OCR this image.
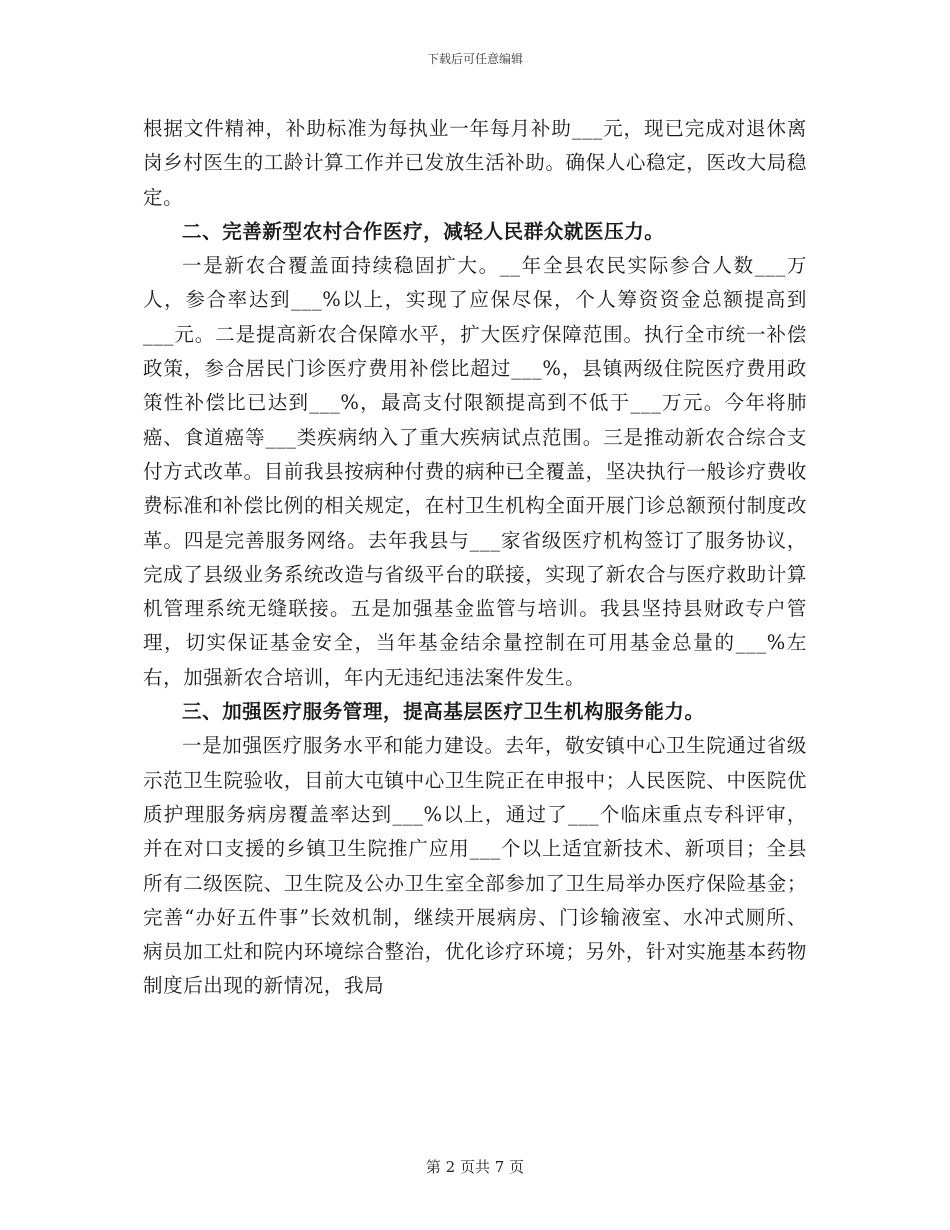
下载后可任意编辑

根据文件精神，补助标准为每执业一年每月补助___元，现已完成对退休离岗乡村医生的工龄计算工作并已发放生活补助。确保人心稳定，医改大局稳定。

二、完善新型农村合作医疗，减轻人民群众就医压力。

一是新农合覆盖面持续稳固扩大。__年全县农民实际参合人数___万人，参合率达到___%以上，实现了应保尽保，个人筹资资金总额提高到___元。二是提高新农合保障水平，扩大医疗保障范围。执行全市统一补偿政策，参合居民门诊医疗费用补偿比超过___%，县镇两级住院医疗费用政策性补偿比已达到___%，最高支付限额提高到不低于___万元。今年将肺癌、食道癌等___类疾病纳入了重大疾病试点范围。三是推动新农合综合支付方式改革。目前我县按病种付费的病种已全覆盖，坚决执行一般诊疗费收费标准和补偿比例的相关规定，在村卫生机构全面开展门诊总额预付制度改革。四是完善服务网络。去年我县与___家省级医疗机构签订了服务协议，完成了县级业务系统改造与省级平台的联接，实现了新农合与医疗救助计算机管理系统无缝联接。五是加强基金监管与培训。我县坚持县财政专户管理，切实保证基金安全，当年基金结余量控制在可用基金总量的___%左右，加强新农合培训，年内无违纪违法案件发生。

三、加强医疗服务管理，提高基层医疗卫生机构服务能力。

一是加强医疗服务水平和能力建设。去年，敬安镇中心卫生院通过省级示范卫生院验收，目前大屯镇中心卫生院正在申报中；人民医院、中医院优质护理服务病房覆盖率达到___%以上，通过了___个临床重点专科评审，并在对口支援的乡镇卫生院推广应用___个以上适宜新技术、新项目；全县所有二级医院、卫生院及公办卫生室全部参加了卫生局举办医疗保险基金；完善“办好五件事”长效机制，继续开展病房、门诊输液室、水冲式厕所、病员加工灶和院内环境综合整治，优化诊疗环境；另外，针对实施基本药物制度后出现的新情况，我局

第 2 页共 7 页
